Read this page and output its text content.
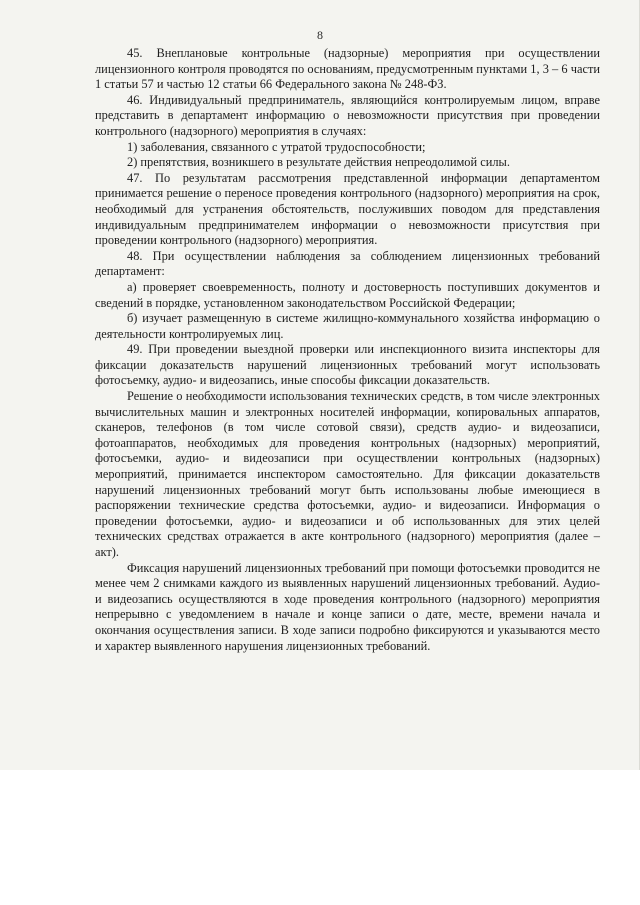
8

45. Внеплановые контрольные (надзорные) мероприятия при осуществлении лицензионного контроля проводятся по основаниям, предусмотренным пунктами 1, 3 – 6 части 1 статьи 57 и частью 12 статьи 66 Федерального закона № 248-ФЗ.

46. Индивидуальный предприниматель, являющийся контролируемым лицом, вправе представить в департамент информацию о невозможности присутствия при проведении контрольного (надзорного) мероприятия в случаях:

1) заболевания, связанного с утратой трудоспособности;

2) препятствия, возникшего в результате действия непреодолимой силы.

47. По результатам рассмотрения представленной информации департаментом принимается решение о переносе проведения контрольного (надзорного) мероприятия на срок, необходимый для устранения обстоятельств, послуживших поводом для представления индивидуальным предпринимателем информации о невозможности присутствия при проведении контрольного (надзорного) мероприятия.

48. При осуществлении наблюдения за соблюдением лицензионных требований департамент:

а) проверяет своевременность, полноту и достоверность поступивших документов и сведений в порядке, установленном законодательством Российской Федерации;

б) изучает размещенную в системе жилищно-коммунального хозяйства информацию о деятельности контролируемых лиц.

49. При проведении выездной проверки или инспекционного визита инспекторы для фиксации доказательств нарушений лицензионных требований могут использовать фотосъемку, аудио- и видеозапись, иные способы фиксации доказательств.

Решение о необходимости использования технических средств, в том числе электронных вычислительных машин и электронных носителей информации, копировальных аппаратов, сканеров, телефонов (в том числе сотовой связи), средств аудио- и видеозаписи, фотоаппаратов, необходимых для проведения контрольных (надзорных) мероприятий, фотосъемки, аудио- и видеозаписи при осуществлении контрольных (надзорных) мероприятий, принимается инспектором самостоятельно. Для фиксации доказательств нарушений лицензионных требований могут быть использованы любые имеющиеся в распоряжении технические средства фотосъемки, аудио- и видеозаписи. Информация о проведении фотосъемки, аудио- и видеозаписи и об использованных для этих целей технических средствах отражается в акте контрольного (надзорного) мероприятия (далее – акт).

Фиксация нарушений лицензионных требований при помощи фотосъемки проводится не менее чем 2 снимками каждого из выявленных нарушений лицензионных требований. Аудио- и видеозапись осуществляются в ходе проведения контрольного (надзорного) мероприятия непрерывно с уведомлением в начале и конце записи о дате, месте, времени начала и окончания осуществления записи. В ходе записи подробно фиксируются и указываются место и характер выявленного нарушения лицензионных требований.
